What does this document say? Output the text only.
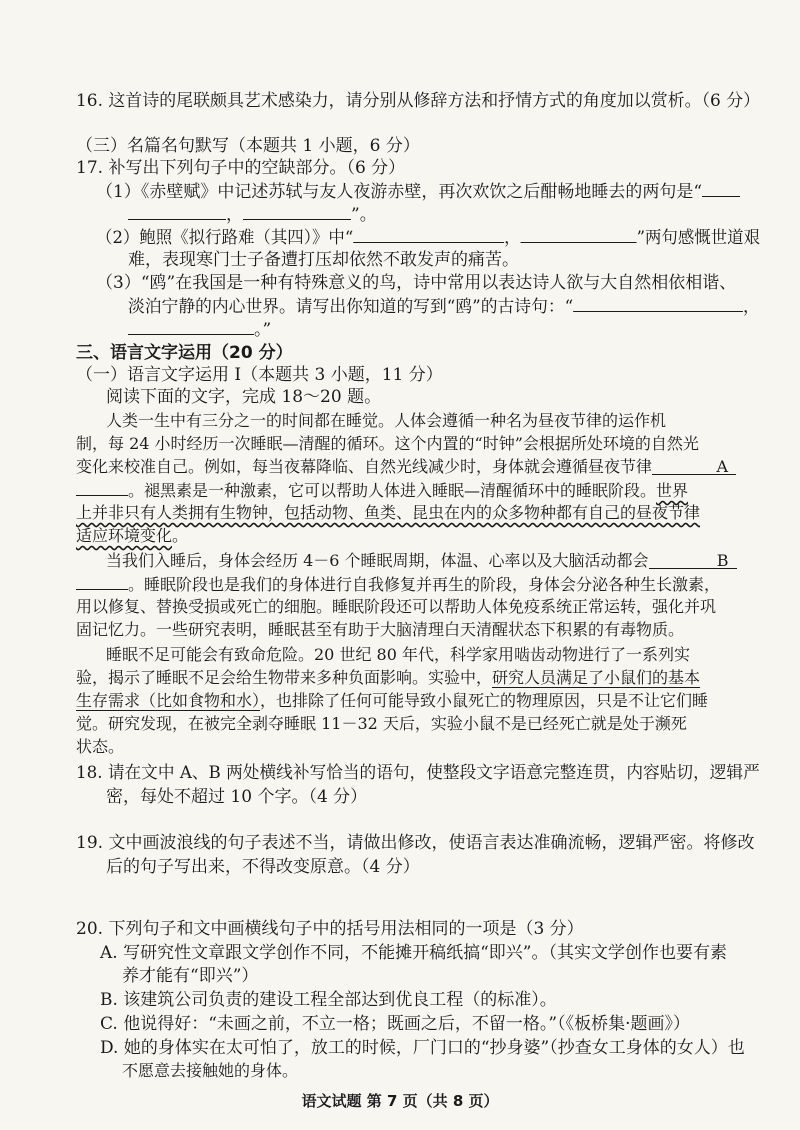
16. 这首诗的尾联颇具艺术感染力，请分别从修辞方法和抒情方式的角度加以赏析。（6 分）
（三）名篇名句默写（本题共 1 小题，6 分）
17. 补写出下列句子中的空缺部分。（6 分）
（1）《赤壁赋》中记述苏轼与友人夜游赤壁，再次欢饮之后酣畅地睡去的两句是“
，	”。
（2）鲍照《拟行路难（其四）》中“	，	”两句感慨世道艰
难，表现寒门士子备遭打压却依然不敢发声的痛苦。
（3）“鸥”在我国是一种有特殊意义的鸟，诗中常用以表达诗人欲与大自然相依相谐、
淡泊宁静的内心世界。请写出你知道的写到“鸥”的古诗句：“	，
。”
三、语言文字运用（20 分）
（一）语言文字运用 Ⅰ（本题共 3 小题，11 分）
阅读下面的文字，完成 18～20 题。
人类一生中有三分之一的时间都在睡觉。人体会遵循一种名为昼夜节律的运作机
制，每 24 小时经历一次睡眠—清醒的循环。这个内置的“时钟”会根据所处环境的自然光
变化来校准自己。例如，每当夜幕降临、自然光线减少时，身体就会遵循昼夜节律	A
。褪黑素是一种激素，它可以帮助人体进入睡眠—清醒循环中的睡眠阶段。世界
上并非只有人类拥有生物钟，包括动物、鱼类、昆虫在内的众多物种都有自己的昼夜节律
适应环境变化。
当我们入睡后，身体会经历 4－6 个睡眠周期，体温、心率以及大脑活动都会	B
。睡眠阶段也是我们的身体进行自我修复并再生的阶段，身体会分泌各种生长激素，
用以修复、替换受损或死亡的细胞。睡眠阶段还可以帮助人体免疫系统正常运转，强化并巩
固记忆力。一些研究表明，睡眠甚至有助于大脑清理白天清醒状态下积累的有毒物质。
睡眠不足可能会有致命危险。20 世纪 80 年代，科学家用啮齿动物进行了一系列实
验，揭示了睡眠不足会给生物带来多种负面影响。实验中，研究人员满足了小鼠们的基本
生存需求（比如食物和水），也排除了任何可能导致小鼠死亡的物理原因，只是不让它们睡
觉。研究发现，在被完全剥夺睡眠 11－32 天后，实验小鼠不是已经死亡就是处于濒死
状态。
18. 请在文中 A、B 两处横线补写恰当的语句，使整段文字语意完整连贯，内容贴切，逻辑严
密，每处不超过 10 个字。（4 分）
19. 文中画波浪线的句子表述不当，请做出修改，使语言表达准确流畅，逻辑严密。将修改
后的句子写出来，不得改变原意。（4 分）
20. 下列句子和文中画横线句子中的括号用法相同的一项是（3 分）
A. 写研究性文章跟文学创作不同，不能摊开稿纸搞“即兴”。（其实文学创作也要有素
养才能有“即兴”）
B. 该建筑公司负责的建设工程全部达到优良工程（的标准）。
C. 他说得好：“未画之前，不立一格；既画之后，不留一格。”（《板桥集·题画》）
D. 她的身体实在太可怕了，放工的时候，厂门口的“抄身婆”（抄查女工身体的女人）也
不愿意去接触她的身体。
语文试题 第 7 页（共 8 页）
